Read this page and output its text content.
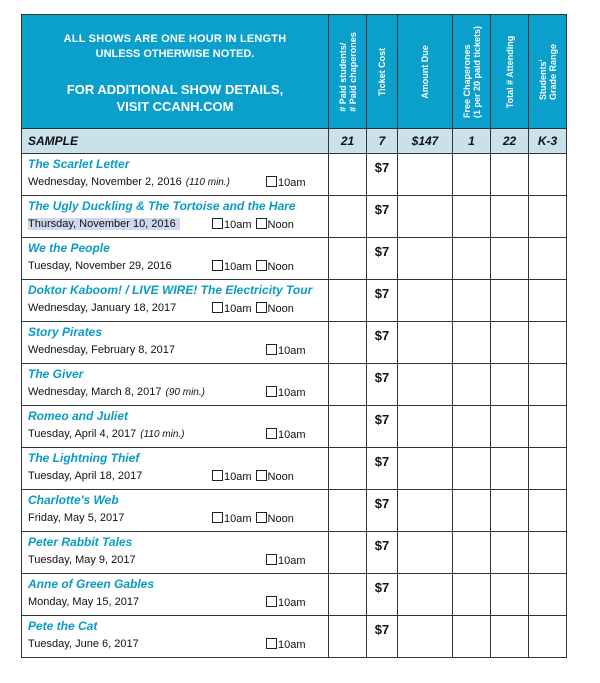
ALL SHOWS ARE ONE HOUR IN LENGTH
UNLESS OTHERWISE NOTED.
FOR ADDITIONAL SHOW DETAILS,
VISIT CCANH.COM	# Paid students/
# Paid chaperones	Ticket Cost	Amount Due	Free Chaperones
(1 per 20 paid tickets)	Total # Attending	Students'
Grade Range

SAMPLE	21	7	$147	1	22	K-3

The Scarlet Letter
Wednesday, November 2, 2016 (110 min.) 10am		$7				

The Ugly Duckling & The Tortoise and the Hare
Thursday, November 10, 2016 10am Noon		$7				

We the People
Tuesday, November 29, 2016 10am Noon		$7				

Doktor Kaboom! / LIVE WIRE! The Electricity Tour
Wednesday, January 18, 2017 10am Noon		$7				

Story Pirates
Wednesday, February 8, 2017 10am		$7				

The Giver
Wednesday, March 8, 2017 (90 min.) 10am		$7				

Romeo and Juliet
Tuesday, April 4, 2017 (110 min.) 10am		$7				

The Lightning Thief
Tuesday, April 18, 2017 10am Noon		$7				

Charlotte's Web
Friday, May 5, 2017 10am Noon		$7				

Peter Rabbit Tales
Tuesday, May 9, 2017 10am		$7				

Anne of Green Gables
Monday, May 15, 2017 10am		$7				

Pete the Cat
Tuesday, June 6, 2017 10am		$7				
